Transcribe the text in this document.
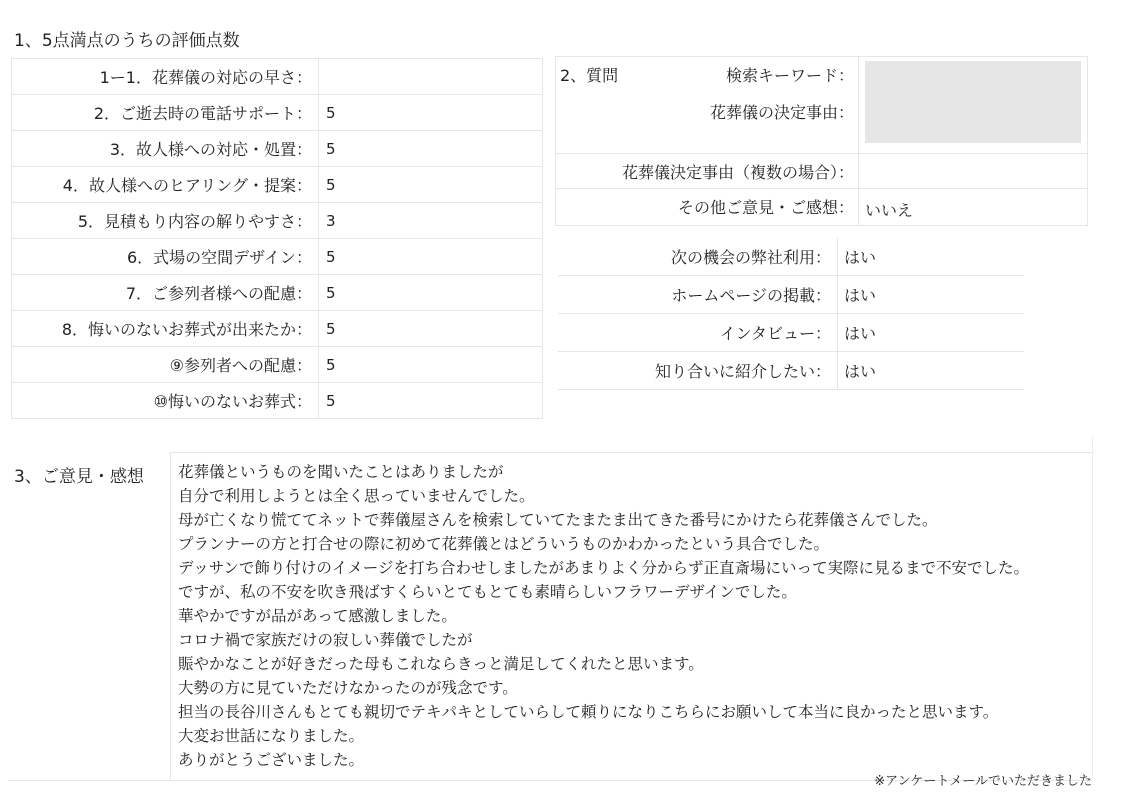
1、5点満点のうちの評価点数
1ー1．花葬儀の対応の早さ：	
2．ご逝去時の電話サポート：	5
3．故人様への対応・処置：	5
4．故人様へのヒアリング・提案：	5
5．見積もり内容の解りやすさ：	3
6．式場の空間デザイン：	5
7．ご参列者様への配慮：	5
8．悔いのないお葬式が出来たか：	5
⑨参列者への配慮：	5
⑩悔いのないお葬式：	5
2、質問 検索キーワード：
花葬儀の決定事由：	

花葬儀決定事由（複数の場合）：	
その他ご意見・ご感想：	いいえ
次の機会の弊社利用：	はい
ホームページの掲載：	はい
インタビュー：	はい
知り合いに紹介したい：	はい
3、ご意見・感想 花葬儀というものを聞いたことはありましたが
自分で利用しようとは全く思っていませんでした。
母が亡くなり慌ててネットで葬儀屋さんを検索していてたまたま出てきた番号にかけたら花葬儀さんでした。
プランナーの方と打合せの際に初めて花葬儀とはどういうものかわかったという具合でした。
デッサンで飾り付けのイメージを打ち合わせしましたがあまりよく分からず正直斎場にいって実際に見るまで不安でした。
ですが、私の不安を吹き飛ばすくらいとてもとても素晴らしいフラワーデザインでした。
華やかですが品があって感激しました。
コロナ禍で家族だけの寂しい葬儀でしたが
賑やかなことが好きだった母もこれならきっと満足してくれたと思います。
大勢の方に見ていただけなかったのが残念です。
担当の長谷川さんもとても親切でテキパキとしていらして頼りになりこちらにお願いして本当に良かったと思います。
大変お世話になりました。
ありがとうございました。
※アンケートメールでいただきました
